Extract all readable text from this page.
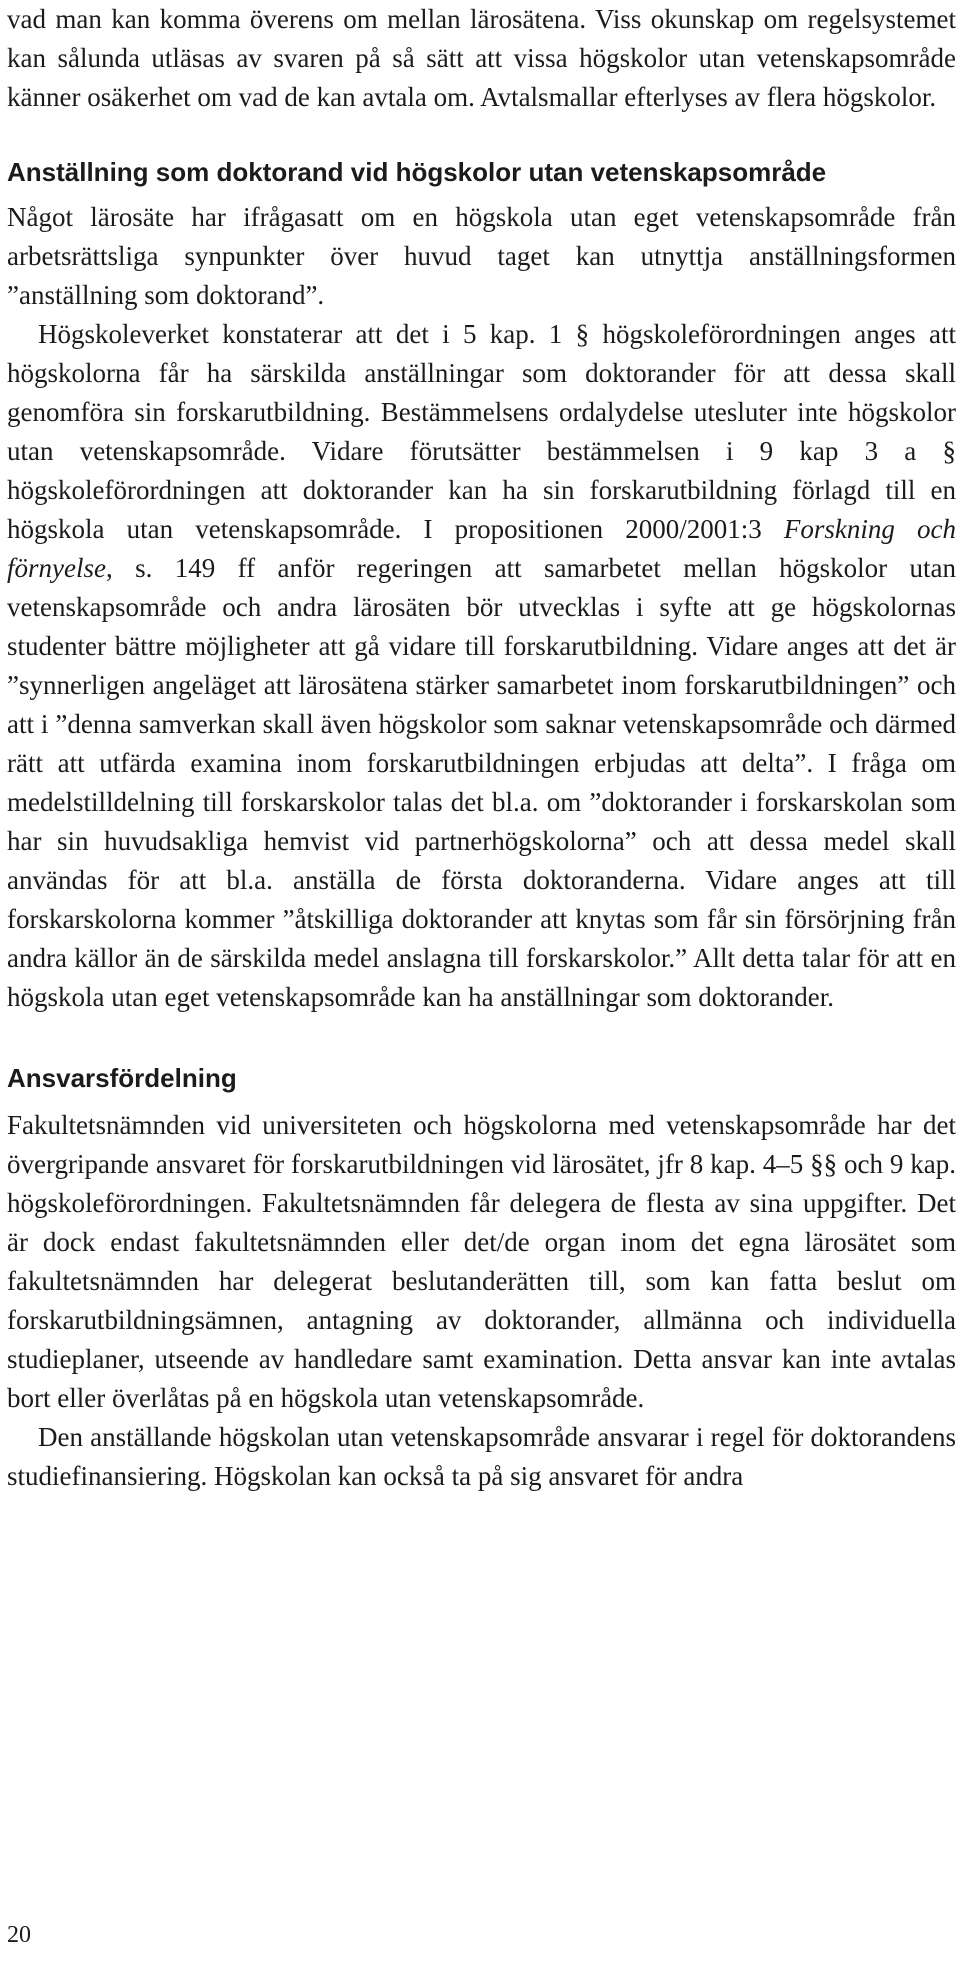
vad man kan komma överens om mellan lärosätena. Viss okunskap om regelsystemet kan sålunda utläsas av svaren på så sätt att vissa högskolor utan vetenskapsområde känner osäkerhet om vad de kan avtala om. Avtalsmallar efterlyses av flera högskolor.

Anställning som doktorand vid högskolor utan vetenskapsområde

Något lärosäte har ifrågasatt om en högskola utan eget vetenskapsområde från arbetsrättsliga synpunkter över huvud taget kan utnyttja anställningsformen ”anställning som doktorand”.

Högskoleverket konstaterar att det i 5 kap. 1 § högskoleförordningen anges att högskolorna får ha särskilda anställningar som doktorander för att dessa skall genomföra sin forskarutbildning. Bestämmelsens ordalydelse utesluter inte högskolor utan vetenskapsområde. Vidare förutsätter bestämmelsen i 9 kap 3 a § högskoleförordningen att doktorander kan ha sin forskarutbildning förlagd till en högskola utan vetenskapsområde. I propositionen 2000/2001:3 Forskning och förnyelse, s. 149 ff anför regeringen att samarbetet mellan högskolor utan vetenskapsområde och andra lärosäten bör utvecklas i syfte att ge högskolornas studenter bättre möjligheter att gå vidare till forskarutbildning. Vidare anges att det är ”synnerligen angeläget att lärosätena stärker samarbetet inom forskarutbildningen” och att i ”denna samverkan skall även högskolor som saknar vetenskapsområde och därmed rätt att utfärda examina inom forskarutbildningen erbjudas att delta”. I fråga om medelstilldelning till forskarskolor talas det bl.a. om ”doktorander i forskarskolan som har sin huvudsakliga hemvist vid partnerhögskolorna” och att dessa medel skall användas för att bl.a. anställa de första doktoranderna. Vidare anges att till forskarskolorna kommer ”åtskilliga doktorander att knytas som får sin försörjning från andra källor än de särskilda medel anslagna till forskarskolor.” Allt detta talar för att en högskola utan eget vetenskapsområde kan ha anställningar som doktorander.

Ansvarsfördelning

Fakultetsnämnden vid universiteten och högskolorna med vetenskapsområde har det övergripande ansvaret för forskarutbildningen vid lärosätet, jfr 8 kap. 4–5 §§ och 9 kap. högskoleförordningen. Fakultetsnämnden får delegera de flesta av sina uppgifter. Det är dock endast fakultetsnämnden eller det/de organ inom det egna lärosätet som fakultetsnämnden har delegerat beslutanderätten till, som kan fatta beslut om forskarutbildningsämnen, antagning av doktorander, allmänna och individuella studieplaner, utseende av handledare samt examination. Detta ansvar kan inte avtalas bort eller överlåtas på en högskola utan vetenskapsområde.

Den anställande högskolan utan vetenskapsområde ansvarar i regel för doktorandens studiefinansiering. Högskolan kan också ta på sig ansvaret för andra

20
